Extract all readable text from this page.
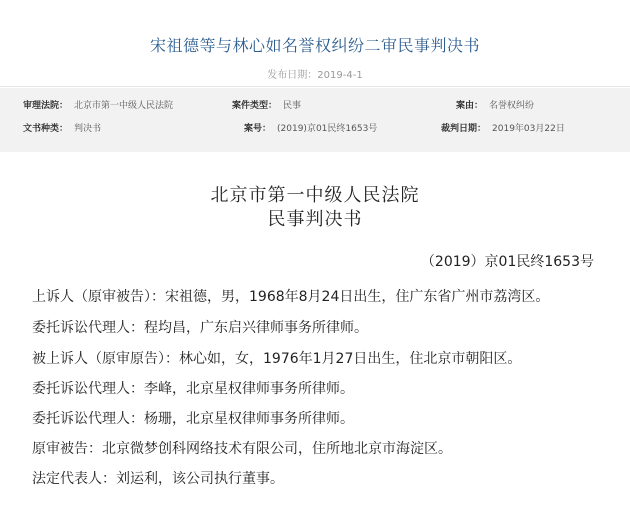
宋祖德等与林心如名誉权纠纷二审民事判决书
发布日期：2019-4-1
审理法院： 北京市第一中级人民法院	案件类型： 民事	案由： 名誉权纠纷
文书种类： 判决书	案号： (2019)京01民终1653号	裁判日期： 2019年03月22日
北京市第一中级人民法院
民事判决书
（2019）京01民终1653号
上诉人（原审被告）：宋祖德，男，1968年8月24日出生，住广东省广州市荔湾区。
委托诉讼代理人：程均昌，广东启兴律师事务所律师。
被上诉人（原审原告）：林心如，女，1976年1月27日出生，住北京市朝阳区。
委托诉讼代理人：李峰，北京星权律师事务所律师。
委托诉讼代理人：杨珊，北京星权律师事务所律师。
原审被告：北京微梦创科网络技术有限公司，住所地北京市海淀区。
法定代表人：刘运利，该公司执行董事。
